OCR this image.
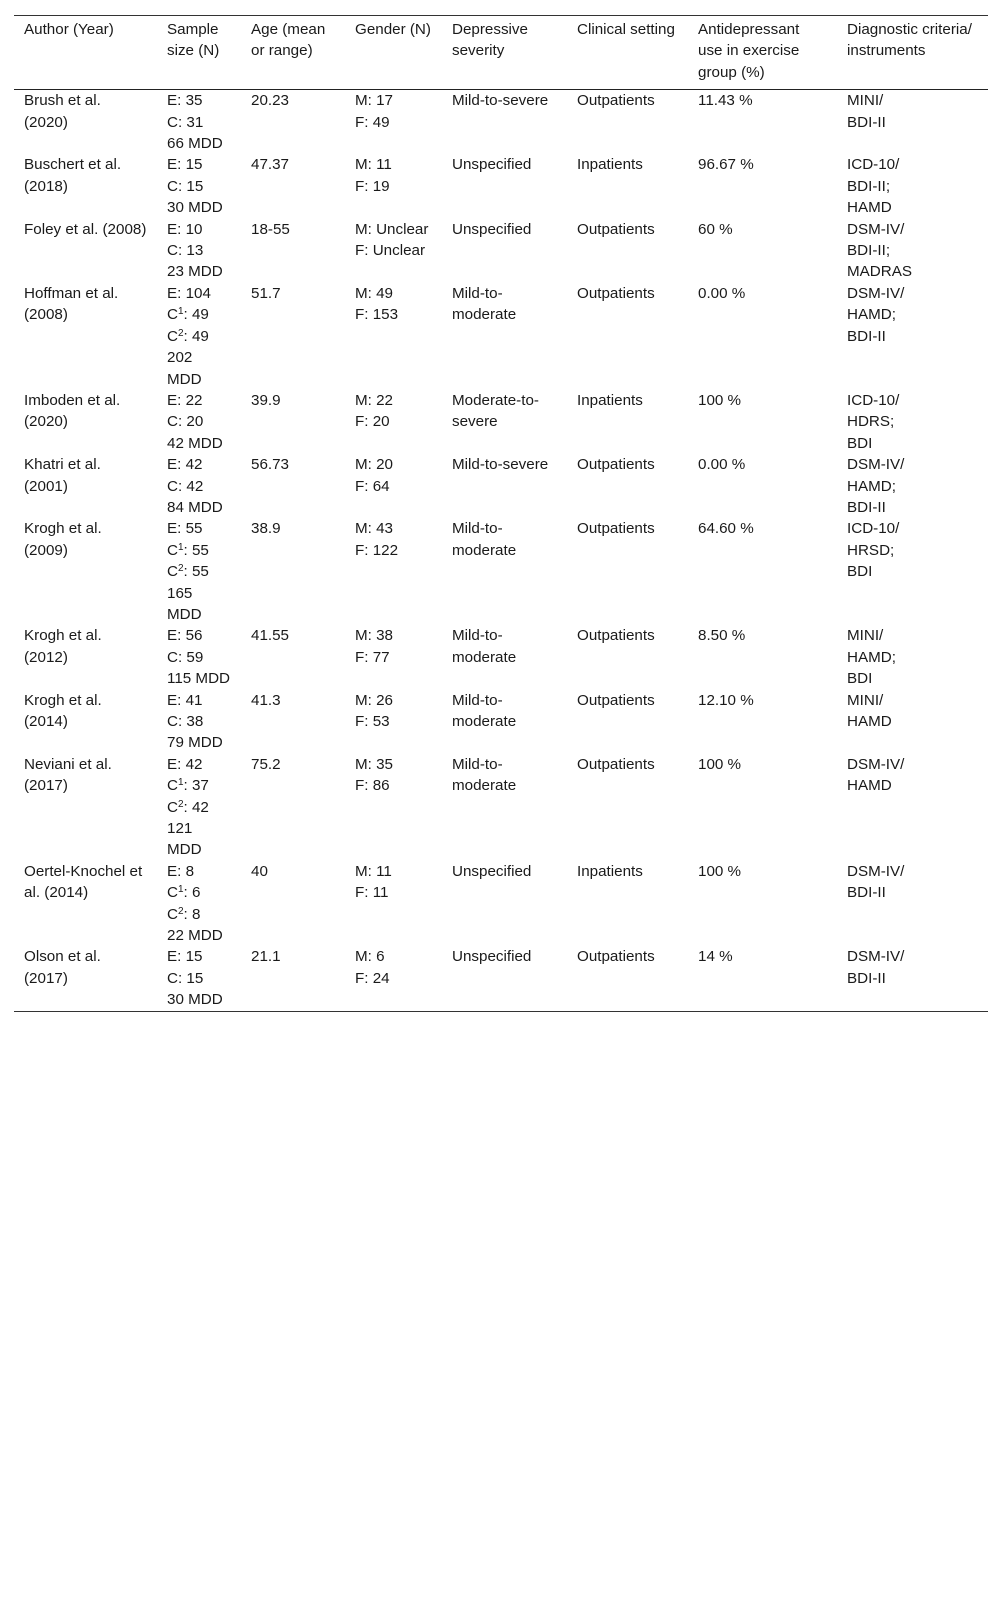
Author (Year)	Sample size (N)	Age (mean or range)	Gender (N)	Depressive severity	Clinical setting	Antidepressant use in exercise group (%)	Diagnostic criteria/ instruments
Brush et al. (2020)	E: 35
C: 31
66 MDD	20.23	M: 17
F: 49	Mild-to-severe	Outpatients	11.43 %	MINI/
BDI-II

Buschert et al. (2018)	E: 15
C: 15
30 MDD	47.37	M: 11
F: 19	Unspecified	Inpatients	96.67 %	ICD-10/
BDI-II;
HAMD

Foley et al. (2008)	E: 10
C: 13
23 MDD	18-55	M: Unclear
F: Unclear	Unspecified	Outpatients	60 %	DSM-IV/
BDI-II;
MADRAS

Hoffman et al. (2008)	E: 104
$C^1$: 49
$C^2$: 49
202 MDD	51.7	M: 49
F: 153	Mild-to-moderate	Outpatients	0.00 %	DSM-IV/
HAMD;
BDI-II

Imboden et al. (2020)	E: 22
C: 20
42 MDD	39.9	M: 22
F: 20	Moderate-to-severe	Inpatients	100 %	ICD-10/
HDRS;
BDI

Khatri et al. (2001)	E: 42
C: 42
84 MDD	56.73	M: 20
F: 64	Mild-to-severe	Outpatients	0.00 %	DSM-IV/
HAMD;
BDI-II

Krogh et al. (2009)	E: 55
$C^1$: 55
$C^2$: 55
165 MDD	38.9	M: 43
F: 122	Mild-to-moderate	Outpatients	64.60 %	ICD-10/
HRSD;
BDI

Krogh et al. (2012)	E: 56
C: 59
115 MDD	41.55	M: 38
F: 77	Mild-to-moderate	Outpatients	8.50 %	MINI/
HAMD;
BDI

Krogh et al. (2014)	E: 41
C: 38
79 MDD	41.3	M: 26
F: 53	Mild-to-moderate	Outpatients	12.10 %	MINI/
HAMD

Neviani et al. (2017)	E: 42
$C^1$: 37
$C^2$: 42
121 MDD	75.2	M: 35
F: 86	Mild-to-moderate	Outpatients	100 %	DSM-IV/
HAMD

Oertel-Knochel et al. (2014)	E: 8
$C^1$: 6
$C^2$: 8
22 MDD	40	M: 11
F: 11	Unspecified	Inpatients	100 %	DSM-IV/
BDI-II

Olson et al. (2017)	E: 15
C: 15
30 MDD	21.1	M: 6
F: 24	Unspecified	Outpatients	14 %	DSM-IV/
BDI-II
